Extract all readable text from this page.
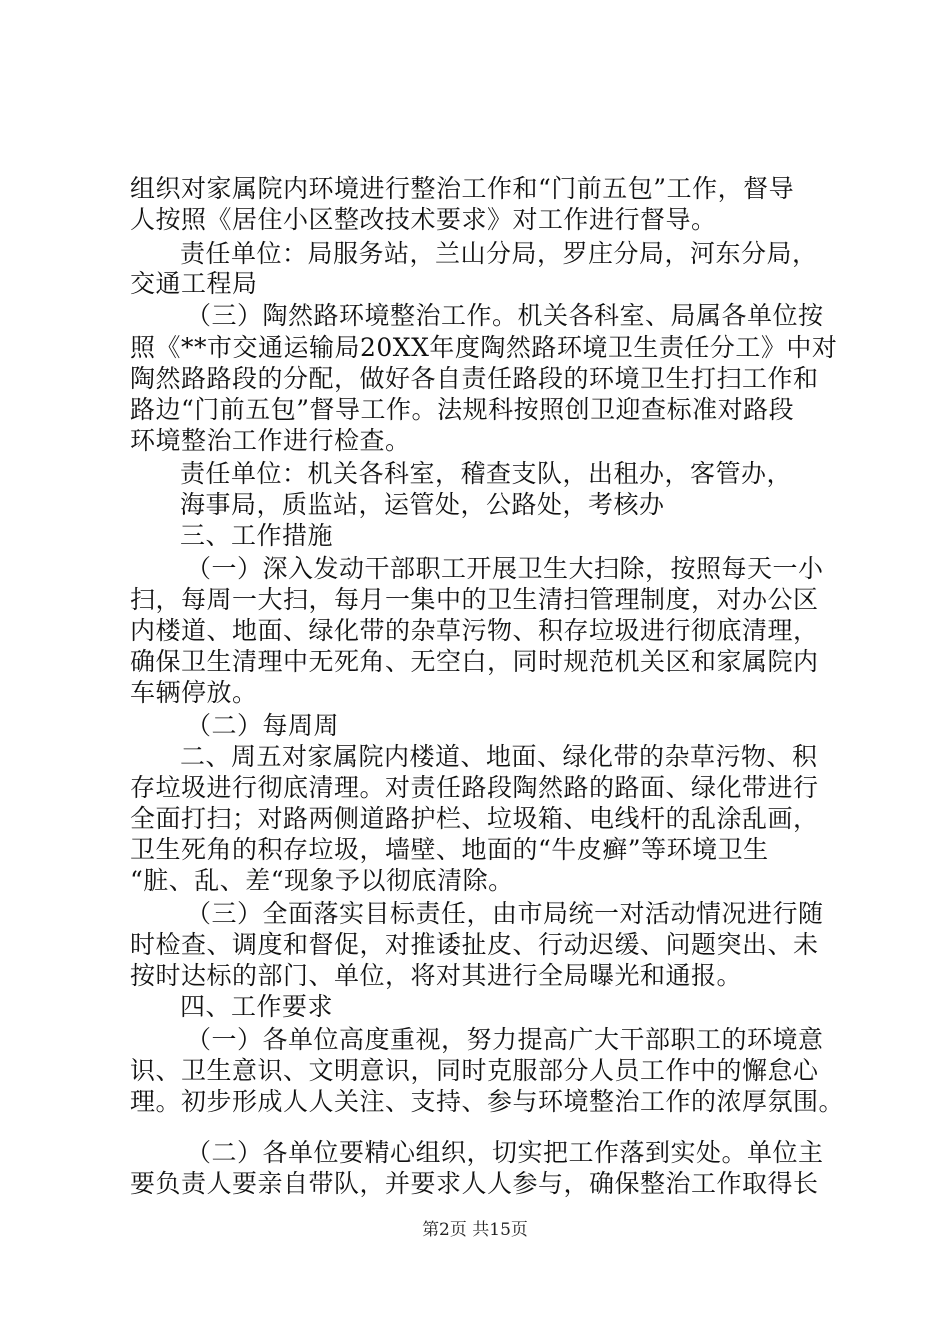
组织对家属院内环境进行整治工作和“门前五包”工作，督导
人按照《居住小区整改技术要求》对工作进行督导。
责任单位：局服务站，兰山分局，罗庄分局，河东分局，
交通工程局
（三）陶然路环境整治工作。机关各科室、局属各单位按
照《**市交通运输局20XX年度陶然路环境卫生责任分工》中对
陶然路路段的分配，做好各自责任路段的环境卫生打扫工作和
路边“门前五包”督导工作。法规科按照创卫迎查标准对路段
环境整治工作进行检查。
责任单位：机关各科室，稽查支队，出租办，客管办，
海事局，质监站，运管处，公路处，考核办
三、工作措施
（一）深入发动干部职工开展卫生大扫除，按照每天一小
扫，每周一大扫，每月一集中的卫生清扫管理制度，对办公区
内楼道、地面、绿化带的杂草污物、积存垃圾进行彻底清理，
确保卫生清理中无死角、无空白，同时规范机关区和家属院内
车辆停放。
（二）每周周
二、周五对家属院内楼道、地面、绿化带的杂草污物、积
存垃圾进行彻底清理。对责任路段陶然路的路面、绿化带进行
全面打扫；对路两侧道路护栏、垃圾箱、电线杆的乱涂乱画，
卫生死角的积存垃圾，墙壁、地面的“牛皮癣”等环境卫生
“脏、乱、差“现象予以彻底清除。
（三）全面落实目标责任，由市局统一对活动情况进行随
时检查、调度和督促，对推诿扯皮、行动迟缓、问题突出、未
按时达标的部门、单位，将对其进行全局曝光和通报。
四、工作要求
（一）各单位高度重视，努力提高广大干部职工的环境意
识、卫生意识、文明意识，同时克服部分人员工作中的懈怠心
理。初步形成人人关注、支持、参与环境整治工作的浓厚氛围。
（二）各单位要精心组织，切实把工作落到实处。单位主
要负责人要亲自带队，并要求人人参与，确保整治工作取得长
第2页 共15页
